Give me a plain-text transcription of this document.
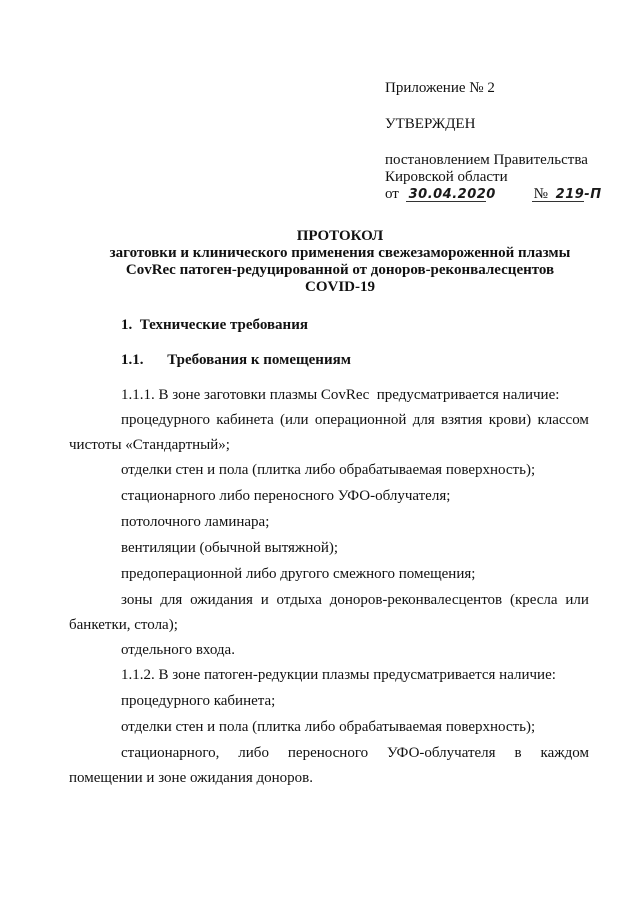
Приложение № 2
УТВЕРЖДЕН
постановлением Правительства
Кировской области
от 30.04.2020	№ 219-П
ПРОТОКОЛ
заготовки и клинического применения свежезамороженной плазмы
CovRec патоген-редуцированной от доноров-реконвалесцентов
COVID-19
1.  Технические требования
1.1. Требования к помещениям
1.1.1. В зоне заготовки плазмы CovRec  предусматривается наличие:
процедурного кабинета (или операционной для взятия крови) классом
чистоты «Стандартный»;
отделки стен и пола (плитка либо обрабатываемая поверхность);
стационарного либо переносного УФО-облучателя;
потолочного ламинара;
вентиляции (обычной вытяжной);
предоперационной либо другого смежного помещения;
зоны для ожидания и отдыха доноров-реконвалесцентов (кресла или
банкетки, стола);
отдельного входа.
1.1.2. В зоне патоген-редукции плазмы предусматривается наличие:
процедурного кабинета;
отделки стен и пола (плитка либо обрабатываемая поверхность);
стационарного, либо переносного УФО-облучателя в каждом
помещении и зоне ожидания доноров.
